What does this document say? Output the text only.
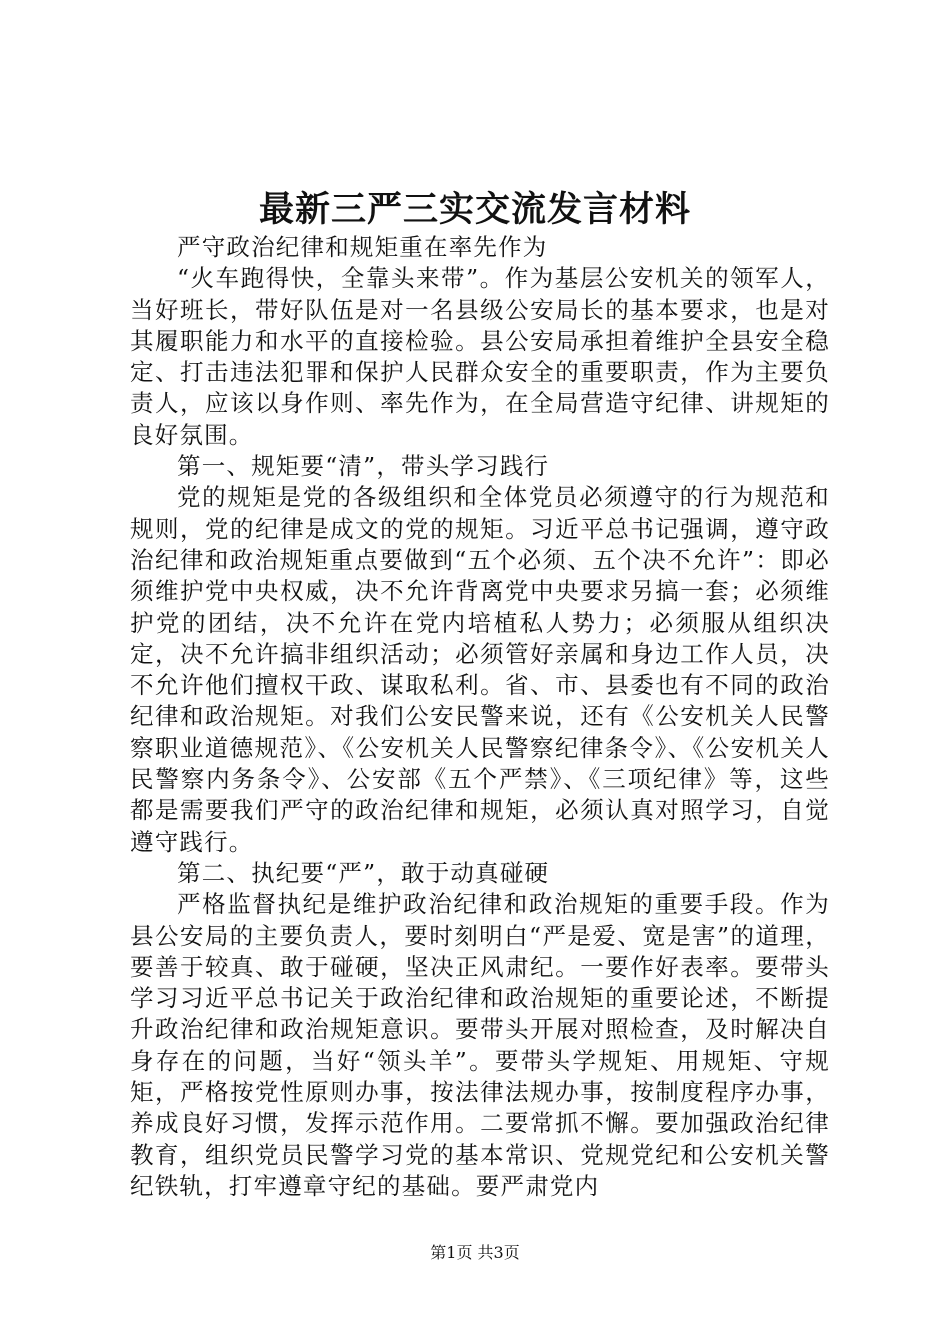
最新三严三实交流发言材料

严守政治纪律和规矩重在率先作为

“火车跑得快，全靠头来带”。作为基层公安机关的领军人，当好班长，带好队伍是对一名县级公安局长的基本要求，也是对其履职能力和水平的直接检验。县公安局承担着维护全县安全稳定、打击违法犯罪和保护人民群众安全的重要职责，作为主要负责人，应该以身作则、率先作为，在全局营造守纪律、讲规矩的良好氛围。

第一、规矩要“清”，带头学习践行

党的规矩是党的各级组织和全体党员必须遵守的行为规范和规则，党的纪律是成文的党的规矩。习近平总书记强调，遵守政治纪律和政治规矩重点要做到“五个必须、五个决不允许”：即必须维护党中央权威，决不允许背离党中央要求另搞一套；必须维护党的团结，决不允许在党内培植私人势力；必须服从组织决定，决不允许搞非组织活动；必须管好亲属和身边工作人员，决不允许他们擅权干政、谋取私利。省、市、县委也有不同的政治纪律和政治规矩。对我们公安民警来说，还有《公安机关人民警察职业道德规范》、《公安机关人民警察纪律条令》、《公安机关人民警察内务条令》、公安部《五个严禁》、《三项纪律》等，这些都是需要我们严守的政治纪律和规矩，必须认真对照学习，自觉遵守践行。

第二、执纪要“严”，敢于动真碰硬

严格监督执纪是维护政治纪律和政治规矩的重要手段。作为县公安局的主要负责人，要时刻明白“严是爱、宽是害”的道理，要善于较真、敢于碰硬，坚决正风肃纪。一要作好表率。要带头学习习近平总书记关于政治纪律和政治规矩的重要论述，不断提升政治纪律和政治规矩意识。要带头开展对照检查，及时解决自身存在的问题，当好“领头羊”。要带头学规矩、用规矩、守规矩，严格按党性原则办事，按法律法规办事，按制度程序办事，养成良好习惯，发挥示范作用。二要常抓不懈。要加强政治纪律教育，组织党员民警学习党的基本常识、党规党纪和公安机关警纪铁轨，打牢遵章守纪的基础。要严肃党内

第1页 共3页
